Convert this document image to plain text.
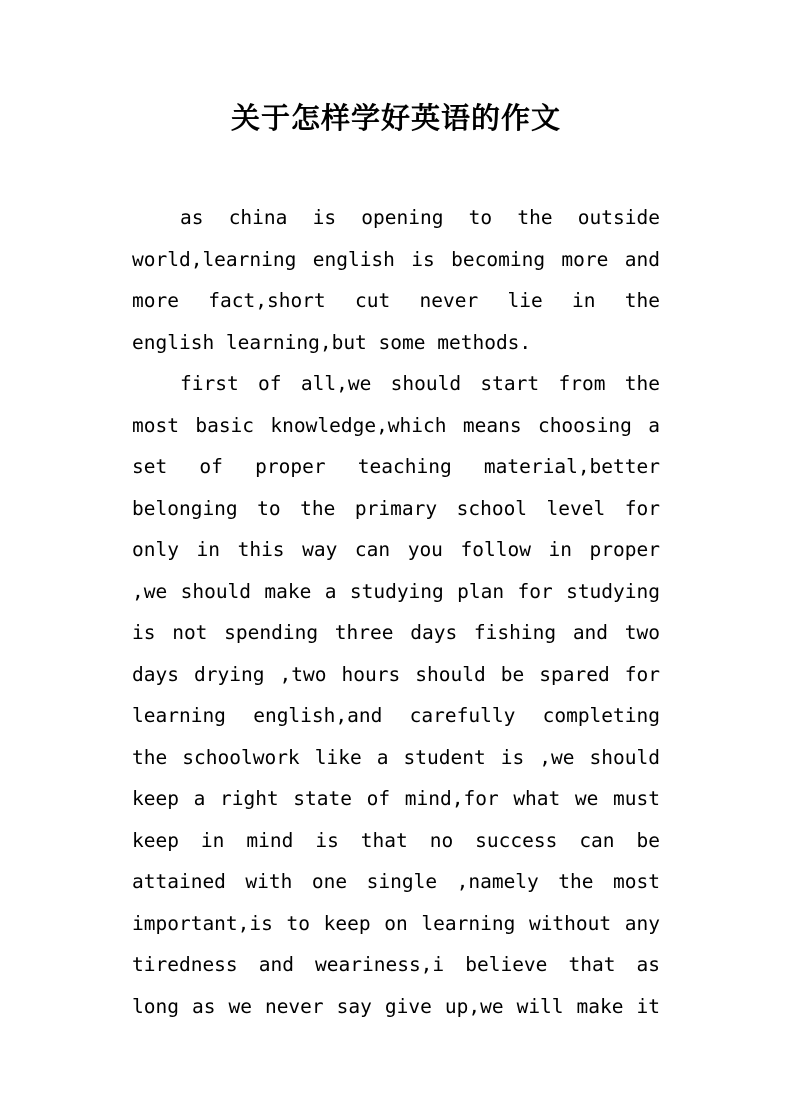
关于怎样学好英语的作文
as china is opening to the outside
world,learning english is becoming more and
more fact,short cut never lie in the
english learning,but some methods.
first of all,we should start from the
most basic knowledge,which means choosing a
set of proper teaching material,better
belonging to the primary school level for
only in this way can you follow in proper
,we should make a studying plan for studying
is not spending three days fishing and two
days drying ,two hours should be spared for
learning english,and carefully completing
the schoolwork like a student is ,we should
keep a right state of mind,for what we must
keep in mind is that no success can be
attained with one single ,namely the most
important,is to keep on learning without any
tiredness and weariness,i believe that as
long as we never say give up,we will make it
